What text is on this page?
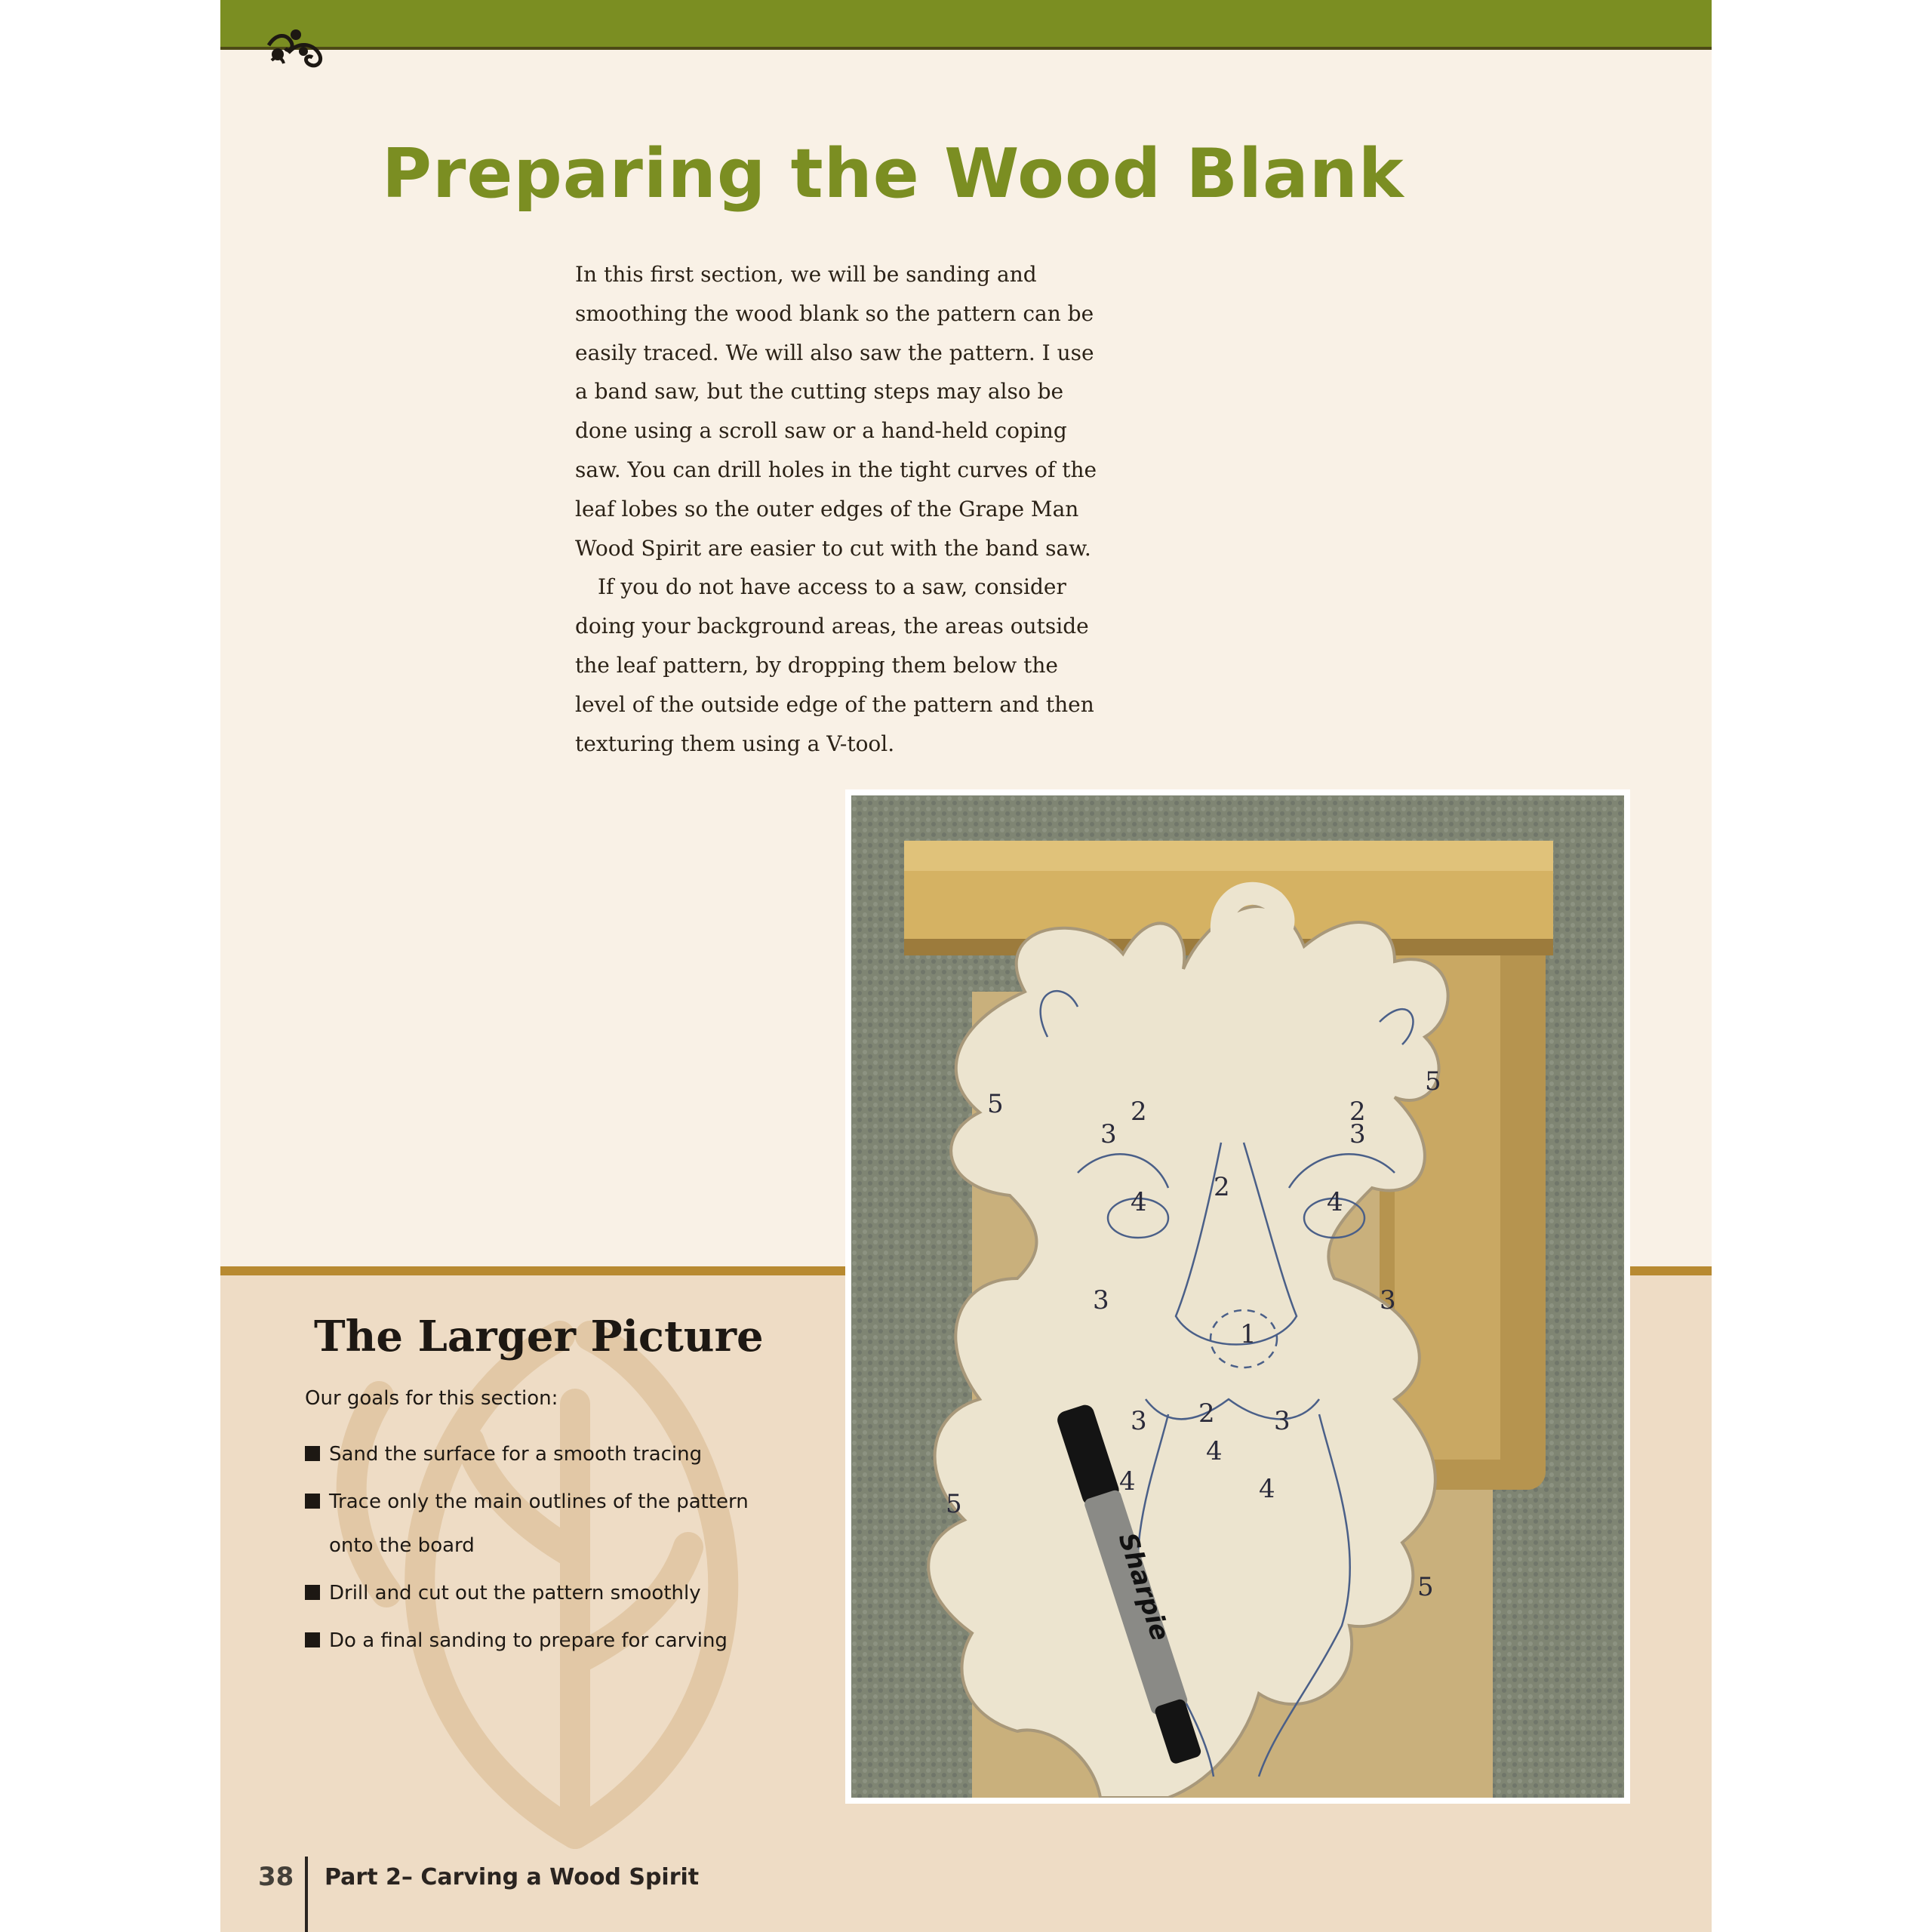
Preparing the Wood Blank

In this first section, we will be sanding and smoothing the wood blank so the pattern can be easily traced. We will also saw the pattern. I use a band saw, but the cutting steps may also be done using a scroll saw or a hand-held coping saw. You can drill holes in the tight curves of the leaf lobes so the outer edges of the Grape Man Wood Spirit are easier to cut with the band saw.

If you do not have access to a saw, consider doing your background areas, the areas outside the leaf pattern, by dropping them below the level of the outside edge of the pattern and then texturing them using a V-tool.

The Larger Picture
Our goals for this section:
Sand the surface for a smooth tracing
Trace only the main outlines of the pattern onto the board
Drill and cut out the pattern smoothly
Do a final sanding to prepare for carving
2	2
2
3	3
3	3
3 2 3
4	4
4
4
4
5
5
5
5
1
Sharpie
38 Part 2– Carving a Wood Spirit
